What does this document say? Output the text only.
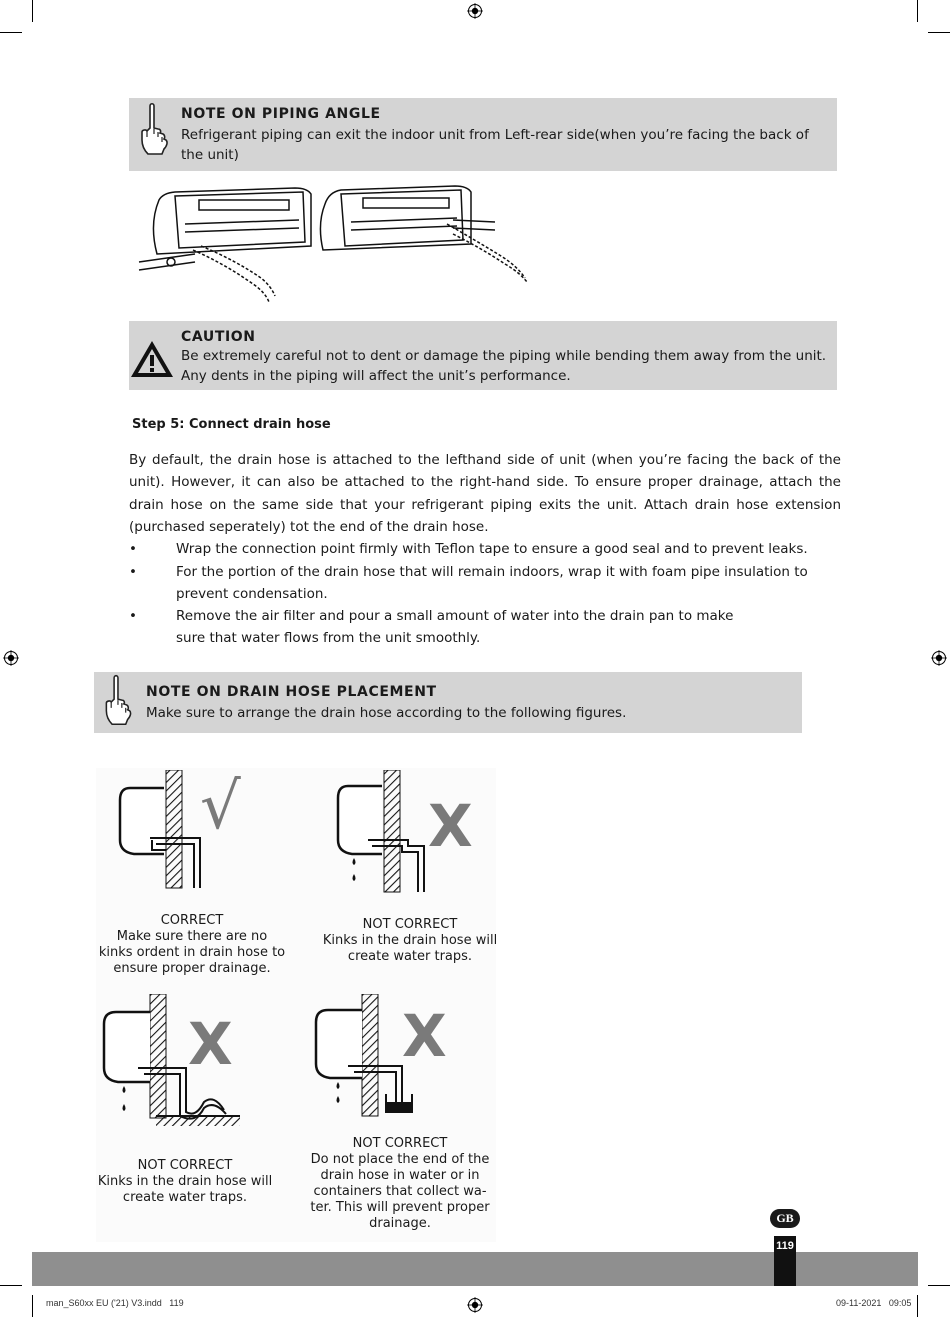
NOTE ON PIPING ANGLE
Refrigerant piping can exit the indoor unit from Left-rear side(when you’re facing the back of the unit)
CAUTION
Be extremely careful not to dent or damage the piping while bending them away from the unit.
Any dents in the piping will affect the unit’s performance.
Step 5: Connect drain hose
By default, the drain hose is attached to the lefthand side of unit (when you’re facing the back of the unit). However, it can also be attached to the right-hand side. To ensure proper drainage, attach the drain hose on the same side that your refrigerant piping exits the unit. Attach drain hose extension (purchased seperately) tot the end of the drain hose.
•	Wrap the connection point firmly with Teflon tape to ensure a good seal and to prevent leaks.
•	For the portion of the drain hose that will remain indoors, wrap it with foam pipe insulation to prevent condensation.
•	Remove the air filter and pour a small amount of water into the drain pan to make sure that water flows from the unit smoothly.
NOTE ON DRAIN HOSE PLACEMENT
Make sure to arrange the drain hose according to the following figures.
√
CORRECT
Make sure there are no kinks ordent in drain hose to ensure proper drainage.
X
NOT CORRECT
Kinks in the drain hose will create water traps.
X
NOT CORRECT
Kinks in the drain hose will create water traps.
X
NOT CORRECT
Do not place the end of the drain hose in water or in containers that collect wa-ter. This will prevent proper drainage.	GB
119
man_S60xx EU ('21) V3.indd   119	09-11-2021   09:05
